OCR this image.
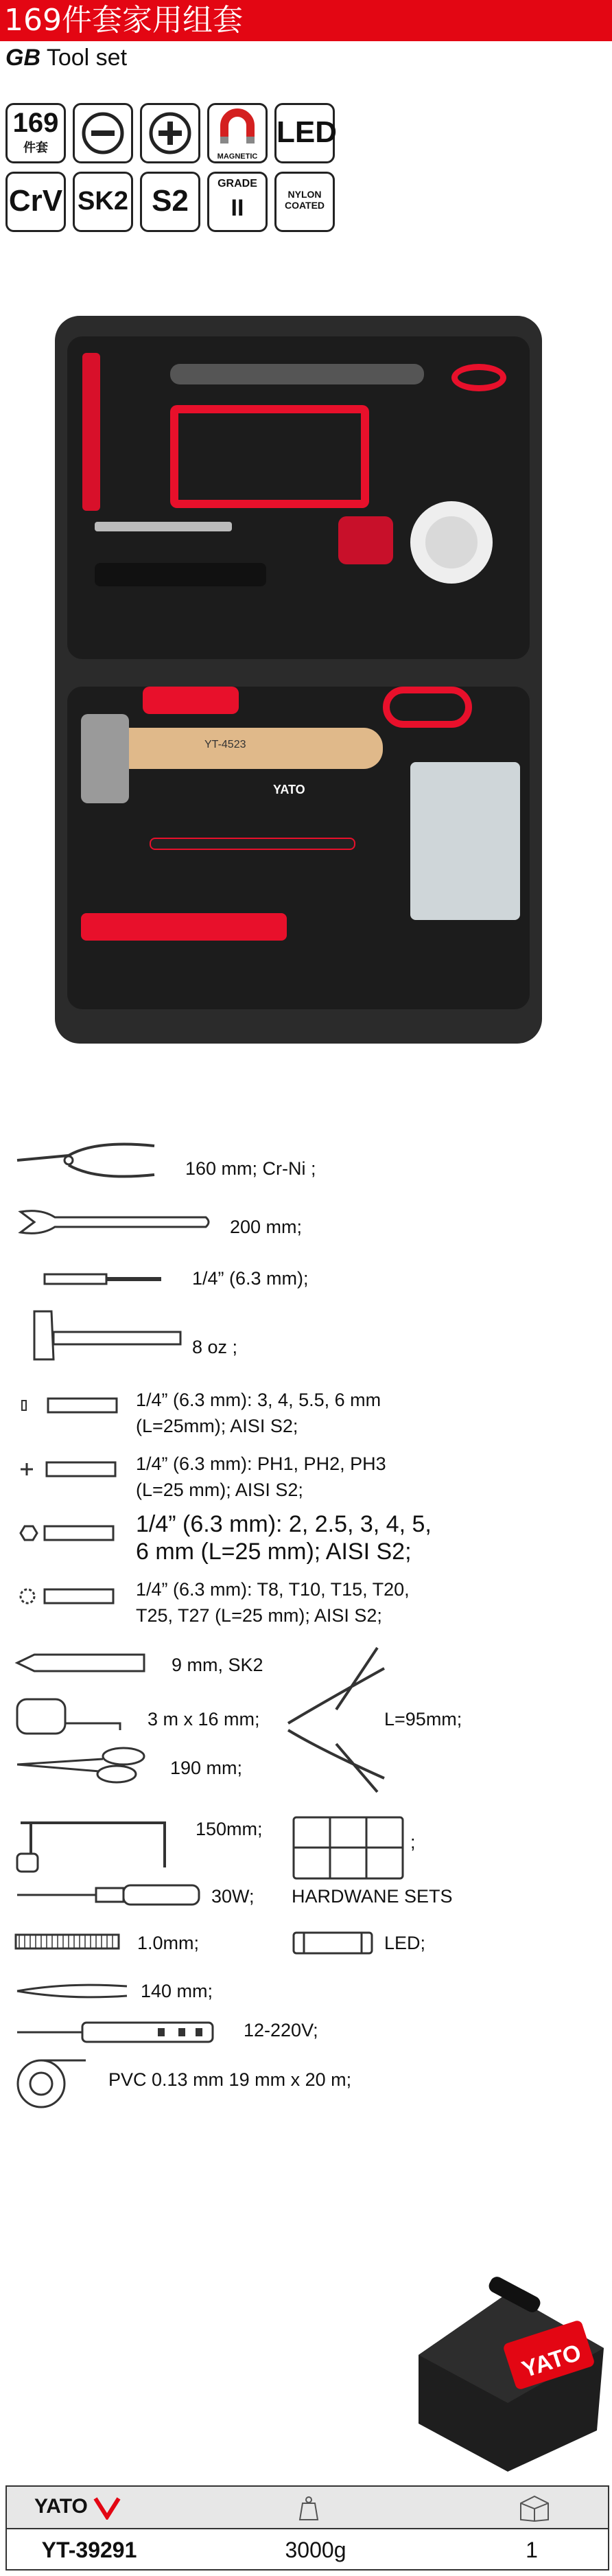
169件套家用组套
GB Tool set
169
件套
MAGNETIC
LED
CrV SK2 S2
GRADE
II
NYLON
COATED
YT-4523
YATO
160 mm; Cr-Ni ;
200 mm;
1/4” (6.3 mm);
8 oz ;
1/4” (6.3 mm): 3, 4, 5.5, 6 mm
(L=25mm); AISI S2;
1/4” (6.3 mm): PH1, PH2, PH3
(L=25 mm); AISI S2;
1/4” (6.3 mm): 2, 2.5, 3, 4, 5,
6 mm (L=25 mm); AISI S2;
1/4” (6.3 mm): T8, T10, T15, T20,
T25, T27 (L=25 mm); AISI S2;
9 mm, SK2
3 m x 16 mm;	L=95mm;
190 mm;
150mm;
;
HARDWANE SETS
30W;
1.0mm;	LED;
140 mm;
12-220V;
PVC 0.13 mm 19 mm x 20 m;
YATO
YATO
YT-39291	3000g	1
